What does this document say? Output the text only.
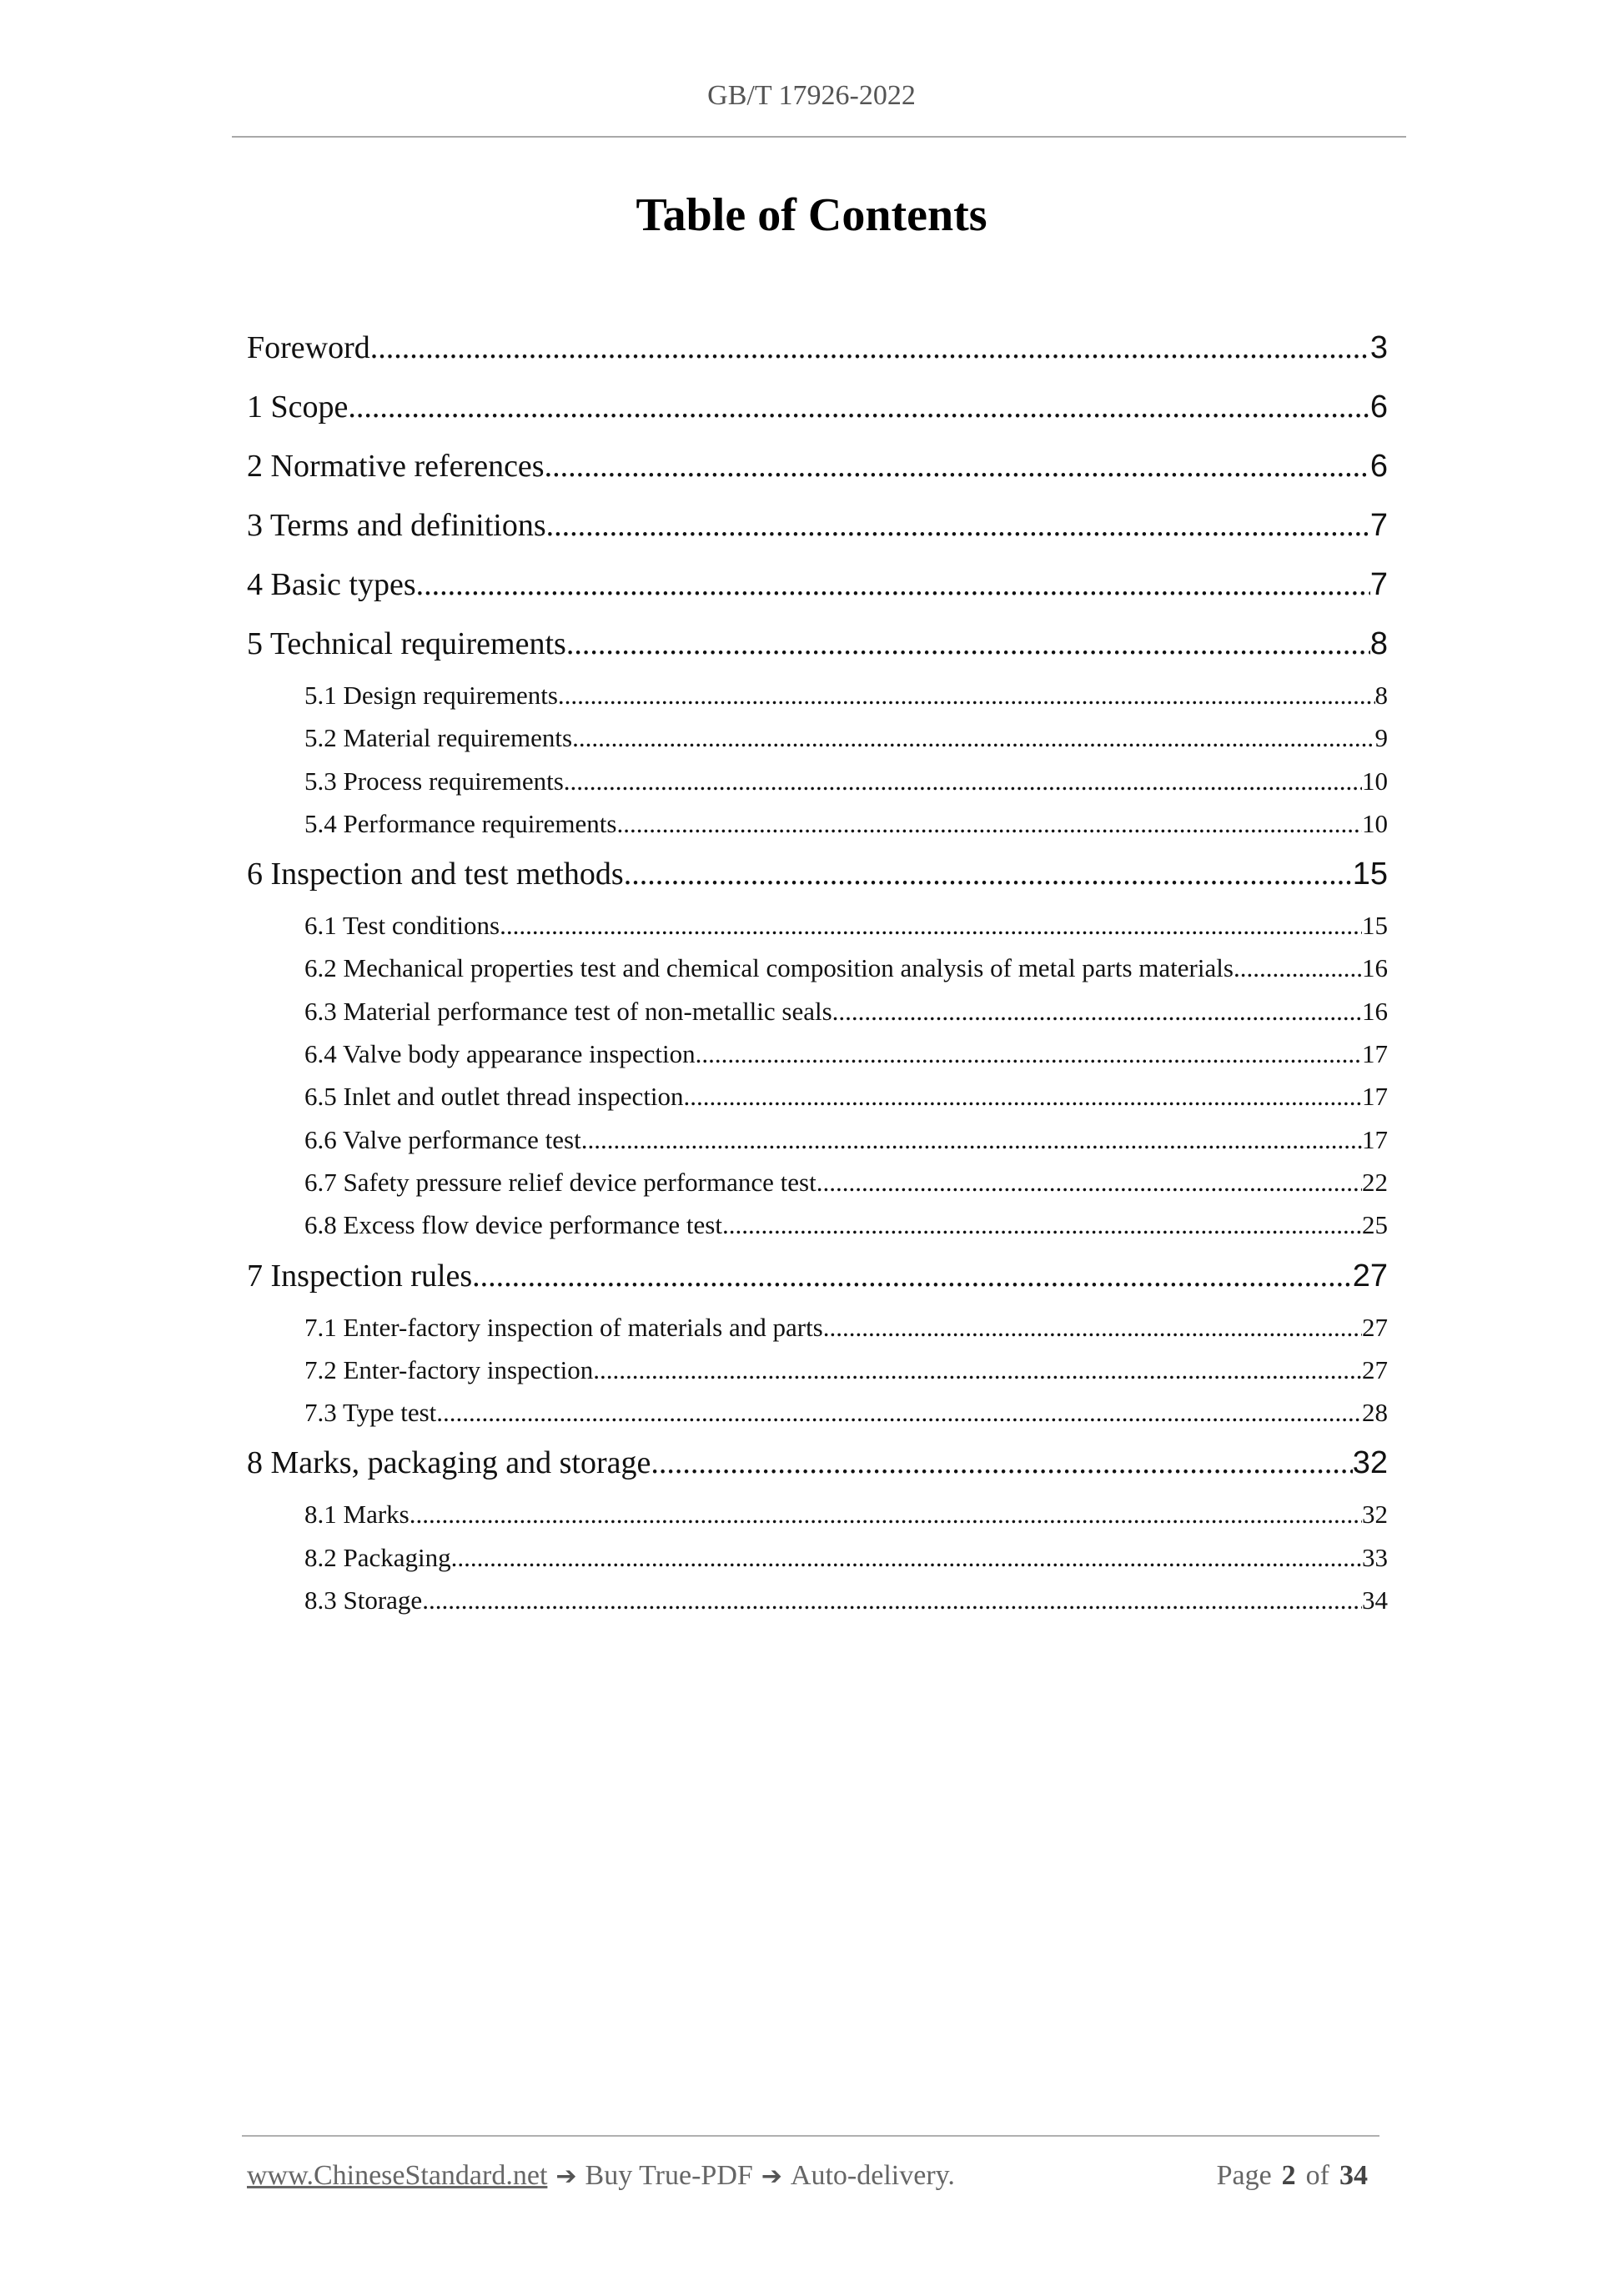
GB/T 17926-2022
Table of Contents
Foreword .....	3
1 Scope .....	6
2 Normative references .....	6
3 Terms and definitions .....	7
4 Basic types .....	7
5 Technical requirements .....	8
5.1 Design requirements .....	8
5.2 Material requirements .....	9
5.3 Process requirements .....	10
5.4 Performance requirements .....	10
6 Inspection and test methods .....	15
6.1 Test conditions .....	15
6.2 Mechanical properties test and chemical composition analysis of metal parts materials .....	16
6.3 Material performance test of non-metallic seals .....	16
6.4 Valve body appearance inspection .....	17
6.5 Inlet and outlet thread inspection .....	17
6.6 Valve performance test .....	17
6.7 Safety pressure relief device performance test .....	22
6.8 Excess flow device performance test .....	25
7 Inspection rules .....	27
7.1 Enter-factory inspection of materials and parts .....	27
7.2 Enter-factory inspection .....	27
7.3 Type test .....	28
8 Marks, packaging and storage .....	32
8.1 Marks .....	32
8.2 Packaging .....	33
8.3 Storage .....	34
www.ChineseStandard.net ➔ Buy True-PDF ➔ Auto-delivery.	Page 2 of 34
